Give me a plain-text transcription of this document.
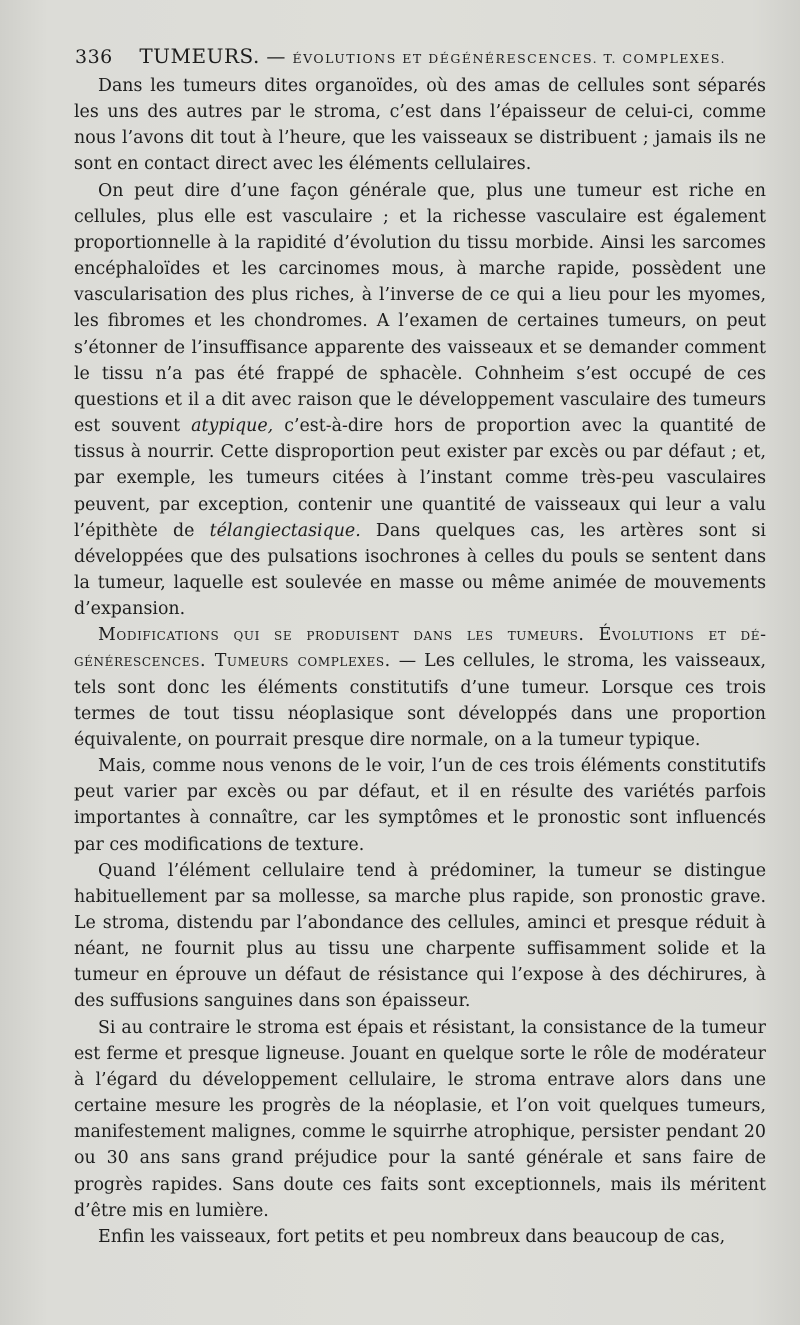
336 TUMEURS. — ÉVOLUTIONS ET DÉGÉNÉRESCENCES. T. COMPLEXES.

Dans les tumeurs dites organoïdes, où des amas de cellules sont séparés les uns des autres par le stroma, c’est dans l’épaisseur de celui-ci, comme nous l’avons dit tout à l’heure, que les vaisseaux se distribuent ; jamais ils ne sont en contact direct avec les éléments cellulaires.

On peut dire d’une façon générale que, plus une tumeur est riche en cellules, plus elle est vasculaire ; et la richesse vasculaire est également proportionnelle à la rapidité d’évolution du tissu morbide. Ainsi les sarcomes encéphaloïdes et les carcinomes mous, à marche rapide, possèdent une vascularisation des plus riches, à l’inverse de ce qui a lieu pour les myomes, les fibromes et les chondromes. A l’examen de certaines tumeurs, on peut s’étonner de l’insuffisance apparente des vaisseaux et se demander comment le tissu n’a pas été frappé de sphacèle. Cohnheim s’est occupé de ces questions et il a dit avec raison que le développement vasculaire des tumeurs est souvent atypique, c’est-à-dire hors de proportion avec la quantité de tissus à nourrir. Cette disproportion peut exister par excès ou par défaut ; et, par exemple, les tumeurs citées à l’instant comme très-peu vasculaires peuvent, par exception, contenir une quantité de vaisseaux qui leur a valu l’épithète de télangiectasique. Dans quelques cas, les artères sont si développées que des pulsations isochrones à celles du pouls se sentent dans la tumeur, laquelle est soulevée en masse ou même animée de mouvements d’expansion.

Modifications qui se produisent dans les tumeurs. Évolutions et dégénérescences. Tumeurs complexes. — Les cellules, le stroma, les vaisseaux, tels sont donc les éléments constitutifs d’une tumeur. Lorsque ces trois termes de tout tissu néoplasique sont développés dans une proportion équivalente, on pourrait presque dire normale, on a la tumeur typique.

Mais, comme nous venons de le voir, l’un de ces trois éléments constitutifs peut varier par excès ou par défaut, et il en résulte des variétés parfois importantes à connaître, car les symptômes et le pronostic sont influencés par ces modifications de texture.

Quand l’élément cellulaire tend à prédominer, la tumeur se distingue habituellement par sa mollesse, sa marche plus rapide, son pronostic grave. Le stroma, distendu par l’abondance des cellules, aminci et presque réduit à néant, ne fournit plus au tissu une charpente suffisamment solide et la tumeur en éprouve un défaut de résistance qui l’expose à des déchirures, à des suffusions sanguines dans son épaisseur.

Si au contraire le stroma est épais et résistant, la consistance de la tumeur est ferme et presque ligneuse. Jouant en quelque sorte le rôle de modérateur à l’égard du développement cellulaire, le stroma entrave alors dans une certaine mesure les progrès de la néoplasie, et l’on voit quelques tumeurs, manifestement malignes, comme le squirrhe atrophique, persister pendant 20 ou 30 ans sans grand préjudice pour la santé générale et sans faire de progrès rapides. Sans doute ces faits sont exceptionnels, mais ils méritent d’être mis en lumière.

Enfin les vaisseaux, fort petits et peu nombreux dans beaucoup de cas,
